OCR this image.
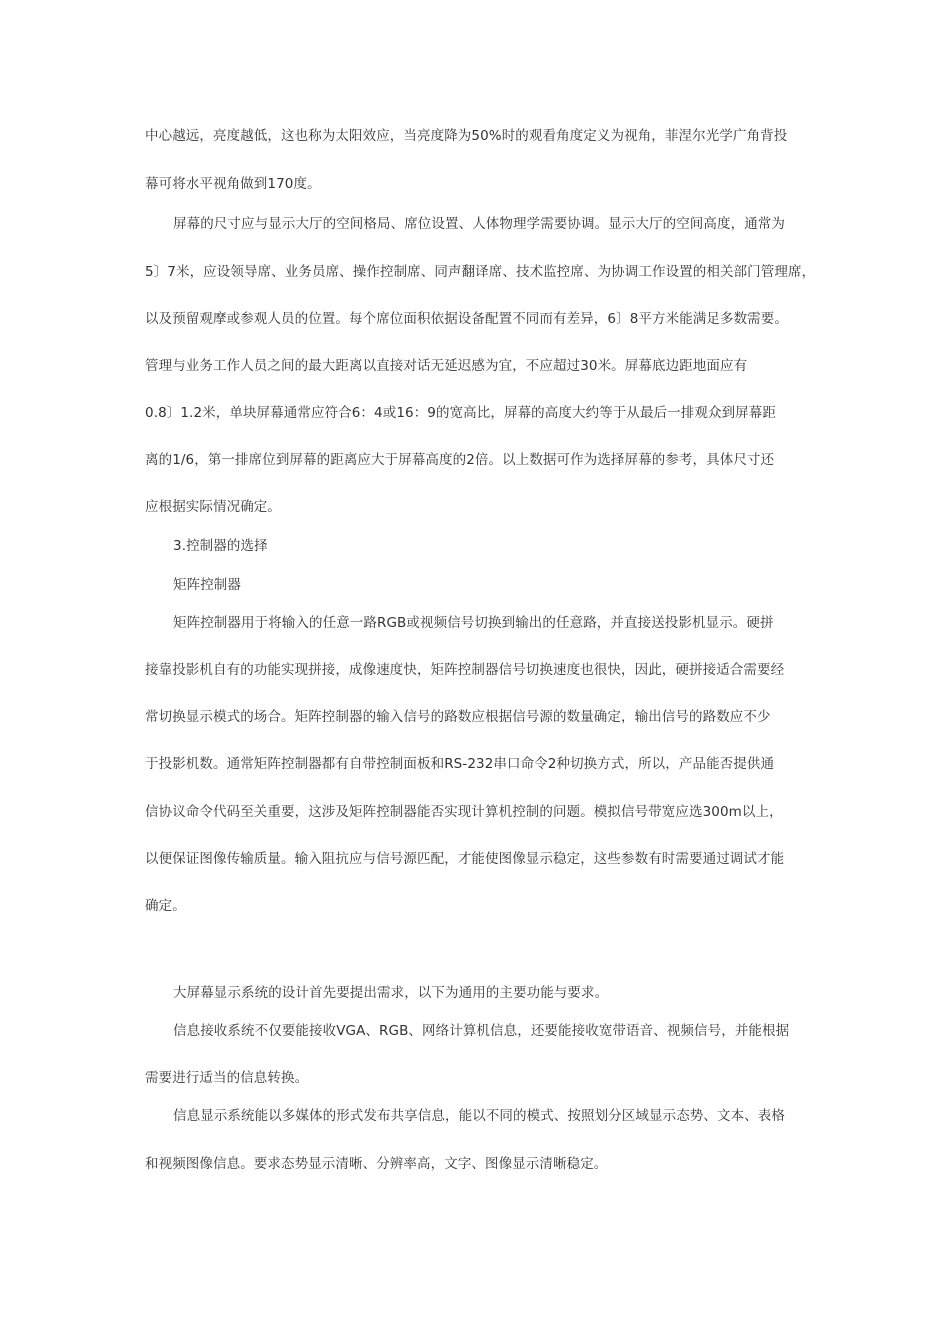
中心越远，亮度越低，这也称为太阳效应，当亮度降为50%时的观看角度定义为视角，菲涅尔光学广角背投
幕可将水平视角做到170度。
屏幕的尺寸应与显示大厅的空间格局、席位设置、人体物理学需要协调。显示大厅的空间高度，通常为
5〕7米，应设领导席、业务员席、操作控制席、同声翻译席、技术监控席、为协调工作设置的相关部门管理席，
以及预留观摩或参观人员的位置。每个席位面积依据设备配置不同而有差异，6〕8平方米能满足多数需要。
管理与业务工作人员之间的最大距离以直接对话无延迟感为宜，不应超过30米。屏幕底边距地面应有
0.8〕1.2米，单块屏幕通常应符合6：4或16：9的宽高比，屏幕的高度大约等于从最后一排观众到屏幕距
离的1/6，第一排席位到屏幕的距离应大于屏幕高度的2倍。以上数据可作为选择屏幕的参考，具体尺寸还
应根据实际情况确定。
3.控制器的选择
矩阵控制器
矩阵控制器用于将输入的任意一路RGB或视频信号切换到输出的任意路，并直接送投影机显示。硬拼
接靠投影机自有的功能实现拼接，成像速度快，矩阵控制器信号切换速度也很快，因此，硬拼接适合需要经
常切换显示模式的场合。矩阵控制器的输入信号的路数应根据信号源的数量确定，输出信号的路数应不少
于投影机数。通常矩阵控制器都有自带控制面板和RS-232串口命令2种切换方式，所以，产品能否提供通
信协议命令代码至关重要，这涉及矩阵控制器能否实现计算机控制的问题。模拟信号带宽应选300m以上，
以便保证图像传输质量。输入阻抗应与信号源匹配，才能使图像显示稳定，这些参数有时需要通过调试才能
确定。
大屏幕显示系统的设计首先要提出需求，以下为通用的主要功能与要求。
信息接收系统不仅要能接收VGA、RGB、网络计算机信息，还要能接收宽带语音、视频信号，并能根据
需要进行适当的信息转换。
信息显示系统能以多媒体的形式发布共享信息，能以不同的模式、按照划分区域显示态势、文本、表格
和视频图像信息。要求态势显示清晰、分辨率高，文字、图像显示清晰稳定。
